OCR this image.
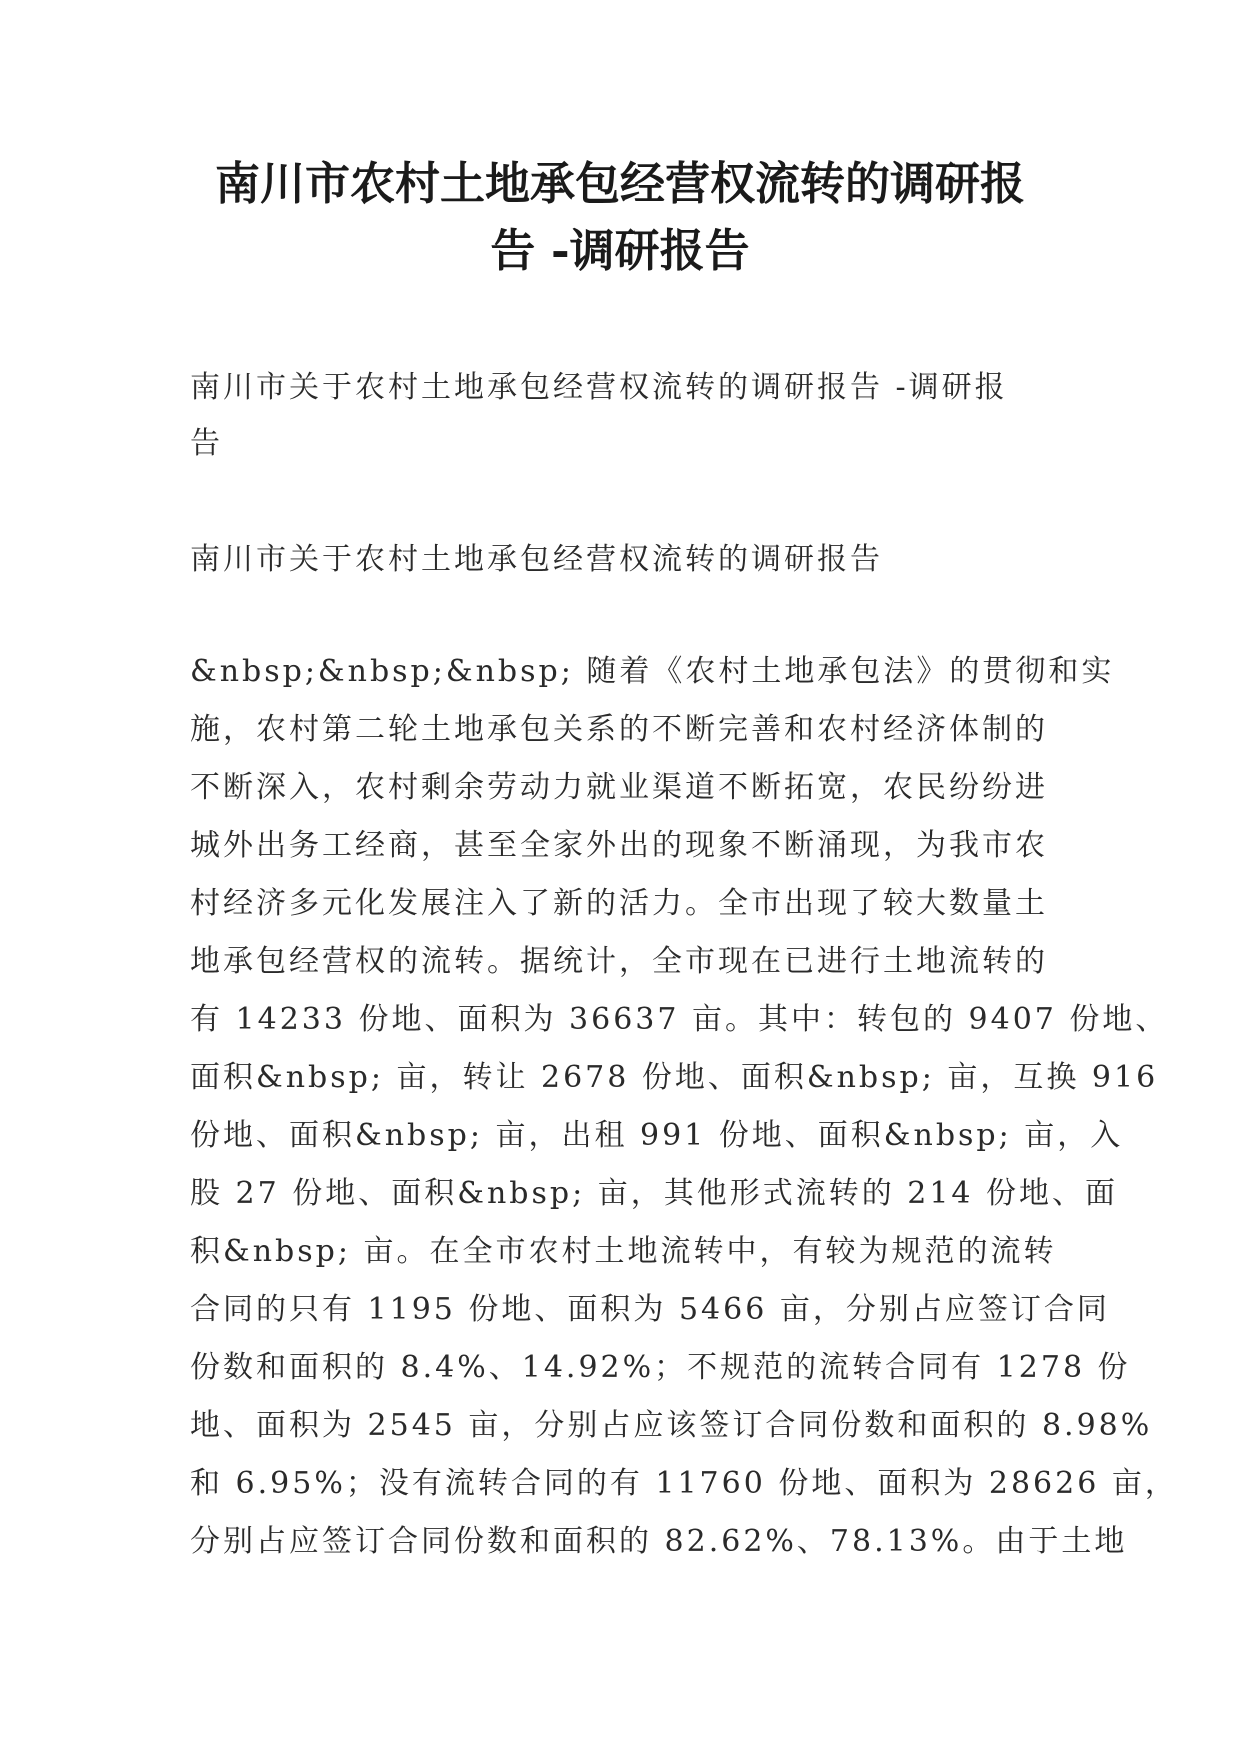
南川市农村土地承包经营权流转的调研报
告 -调研报告
南川市关于农村土地承包经营权流转的调研报告 -调研报
告
南川市关于农村土地承包经营权流转的调研报告
&nbsp;&nbsp;&nbsp; 随着《农村土地承包法》的贯彻和实
施，农村第二轮土地承包关系的不断完善和农村经济体制的
不断深入，农村剩余劳动力就业渠道不断拓宽，农民纷纷进
城外出务工经商，甚至全家外出的现象不断涌现，为我市农
村经济多元化发展注入了新的活力。全市出现了较大数量土
地承包经营权的流转。据统计，全市现在已进行土地流转的
有 14233 份地、面积为 36637 亩。其中：转包的 9407 份地、
面积&nbsp; 亩，转让 2678 份地、面积&nbsp; 亩，互换 916
份地、面积&nbsp; 亩，出租 991 份地、面积&nbsp; 亩，入
股 27 份地、面积&nbsp; 亩，其他形式流转的 214 份地、面
积&nbsp; 亩。在全市农村土地流转中，有较为规范的流转
合同的只有 1195 份地、面积为 5466 亩，分别占应签订合同
份数和面积的 8.4%、14.92%；不规范的流转合同有 1278 份
地、面积为 2545 亩，分别占应该签订合同份数和面积的 8.98%
和 6.95%；没有流转合同的有 11760 份地、面积为 28626 亩，
分别占应签订合同份数和面积的 82.62%、78.13%。由于土地
